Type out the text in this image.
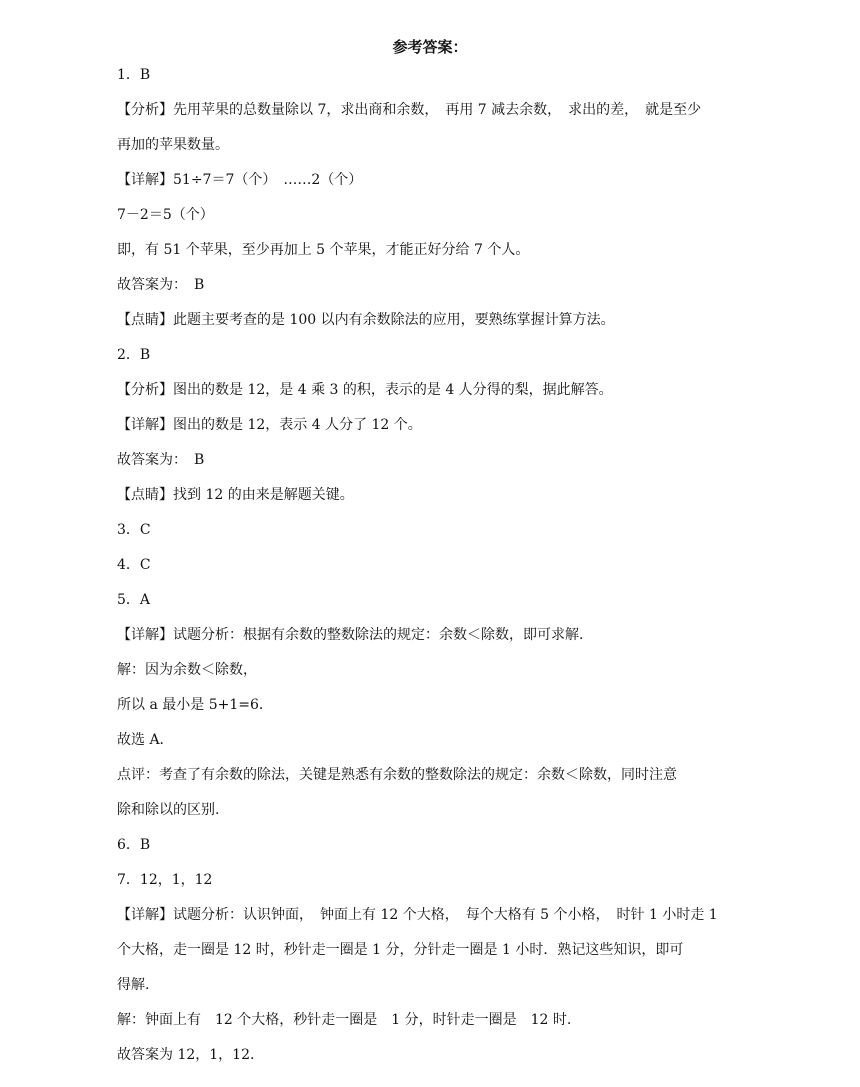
参考答案：
1．B
【分析】先用苹果的总数量除以 7，求出商和余数，　再用 7 减去余数，　求出的差，　就是至少
再加的苹果数量。
【详解】51÷7＝7（个）　……2（个）
7－2＝5（个）
即，有 51 个苹果，至少再加上 5 个苹果，才能正好分给 7 个人。
故答案为：　B
【点睛】此题主要考查的是 100 以内有余数除法的应用，要熟练掌握计算方法。
2．B
【分析】图出的数是 12，是 4 乘 3 的积，表示的是 4 人分得的梨，据此解答。
【详解】图出的数是 12，表示 4 人分了 12 个。
故答案为：　B
【点睛】找到 12 的由来是解题关键。
3．C
4．C
5．A
【详解】试题分析：根据有余数的整数除法的规定：余数＜除数，即可求解.
解：因为余数＜除数，
所以 a 最小是 5+1=6．
故选 A．
点评：考查了有余数的除法，关键是熟悉有余数的整数除法的规定：余数＜除数，同时注意
除和除以的区别.
6．B
7．12，1，12
【详解】试题分析：认识钟面，　钟面上有 12 个大格，　每个大格有 5 个小格，　时针 1 小时走 1
个大格，走一圈是 12 时，秒针走一圈是 1 分，分针走一圈是 1 小时．熟记这些知识，即可
得解.
解：钟面上有　12 个大格，秒针走一圈是　1 分，时针走一圈是　12 时.
故答案为 12，1，12.
